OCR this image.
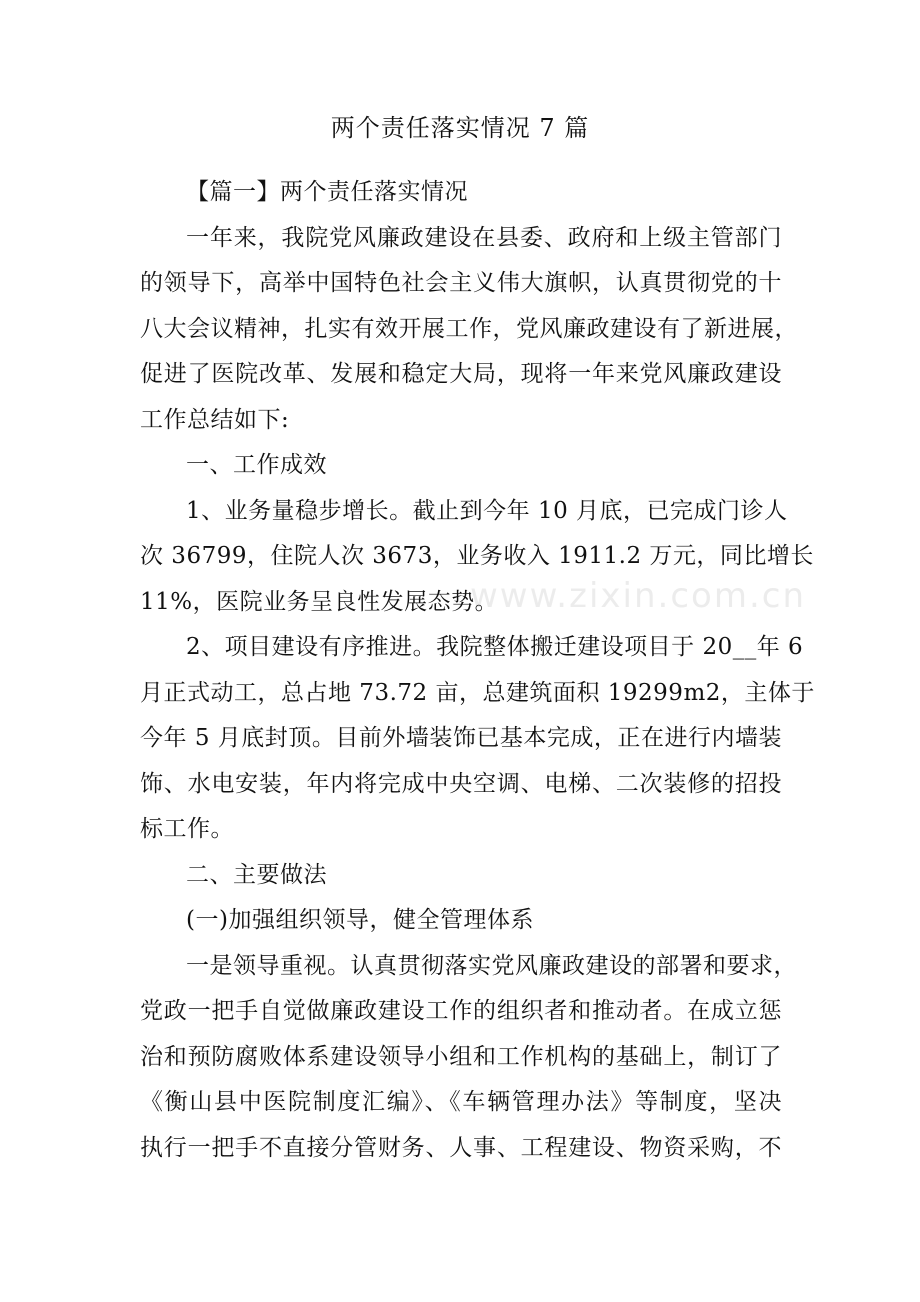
两个责任落实情况 7 篇
www.zixin.com.cn
【篇一】两个责任落实情况
一年来，我院党风廉政建设在县委、政府和上级主管部门
的领导下，高举中国特色社会主义伟大旗帜，认真贯彻党的十
八大会议精神，扎实有效开展工作，党风廉政建设有了新进展，
促进了医院改革、发展和稳定大局，现将一年来党风廉政建设
工作总结如下:
一、工作成效
1、业务量稳步增长。截止到今年 10 月底，已完成门诊人
次 36799，住院人次 3673，业务收入 1911.2 万元，同比增长
11%，医院业务呈良性发展态势。
2、项目建设有序推进。我院整体搬迁建设项目于 20__年 6
月正式动工，总占地 73.72 亩，总建筑面积 19299m2，主体于
今年 5 月底封顶。目前外墙装饰已基本完成，正在进行内墙装
饰、水电安装，年内将完成中央空调、电梯、二次装修的招投
标工作。
二、主要做法
(一)加强组织领导，健全管理体系
一是领导重视。认真贯彻落实党风廉政建设的部署和要求，
党政一把手自觉做廉政建设工作的组织者和推动者。在成立惩
治和预防腐败体系建设领导小组和工作机构的基础上，制订了
《衡山县中医院制度汇编》、《车辆管理办法》等制度，坚决
执行一把手不直接分管财务、人事、工程建设、物资采购，不
